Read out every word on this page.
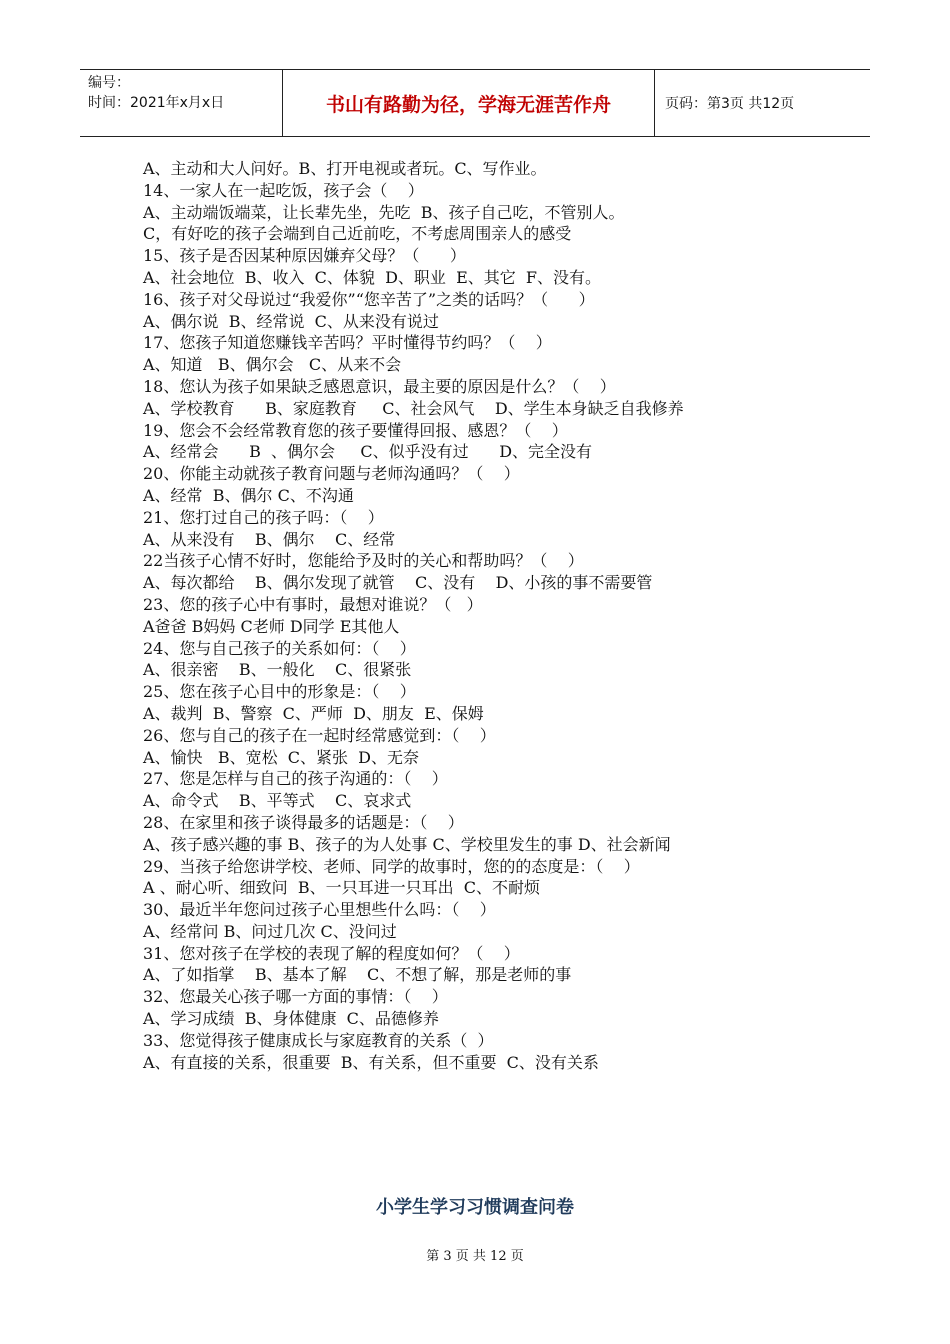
编号：
时间：2021年x月x日	书山有路勤为径，学海无涯苦作舟	页码：第3页 共12页
A、主动和大人问好。B、打开电视或者玩。C、写作业。
14、一家人在一起吃饭，孩子会（    ）
A、主动端饭端菜，让长辈先坐，先吃  B、孩子自己吃，不管别人。
C，有好吃的孩子会端到自己近前吃，不考虑周围亲人的感受
15、孩子是否因某种原因嫌弃父母？（      ）
A、社会地位  B、收入  C、体貌  D、职业  E、其它  F、没有。
16、孩子对父母说过“我爱你”“您辛苦了”之类的话吗？（      ）
A、偶尔说  B、经常说  C、从来没有说过
17、您孩子知道您赚钱辛苦吗？平时懂得节约吗？（    ）
A、知道   B、偶尔会   C、从来不会
18、您认为孩子如果缺乏感恩意识，最主要的原因是什么？（    ）
A、学校教育      B、家庭教育     C、社会风气    D、学生本身缺乏自我修养
19、您会不会经常教育您的孩子要懂得回报、感恩？（    ）
A、经常会      B  、偶尔会     C、似乎没有过      D、完全没有
20、你能主动就孩子教育问题与老师沟通吗？（    ）
A、经常  B、偶尔 C、不沟通
21、您打过自己的孩子吗：（    ）
A、从来没有    B、偶尔    C、经常
22当孩子心情不好时，您能给予及时的关心和帮助吗？（    ）
A、每次都给    B、偶尔发现了就管    C、没有    D、小孩的事不需要管
23、您的孩子心中有事时，最想对谁说？（   ）
A爸爸 B妈妈 C老师 D同学 E其他人
24、您与自己孩子的关系如何：（    ）
A、很亲密    B、一般化    C、很紧张
25、您在孩子心目中的形象是：（    ）
A、裁判  B、警察  C、严师  D、朋友  E、保姆
26、您与自己的孩子在一起时经常感觉到：（    ）
A、愉快   B、宽松  C、紧张  D、无奈
27、您是怎样与自己的孩子沟通的：（    ）
A、命令式    B、平等式    C、哀求式
28、在家里和孩子谈得最多的话题是：（    ）
A、孩子感兴趣的事 B、孩子的为人处事 C、学校里发生的事 D、社会新闻
29、当孩子给您讲学校、老师、同学的故事时，您的的态度是：（    ）
A 、耐心听、细致问  B、一只耳进一只耳出  C、不耐烦
30、最近半年您问过孩子心里想些什么吗：（    ）
A、经常问 B、问过几次 C、没问过
31、您对孩子在学校的表现了解的程度如何？（    ）
A、了如指掌    B、基本了解    C、不想了解，那是老师的事
32、您最关心孩子哪一方面的事情：（    ）
A、学习成绩  B、身体健康  C、品德修养
33、您觉得孩子健康成长与家庭教育的关系（  ）
A、有直接的关系，很重要  B、有关系，但不重要  C、没有关系
小学生学习习惯调查问卷
第 3 页 共 12 页
